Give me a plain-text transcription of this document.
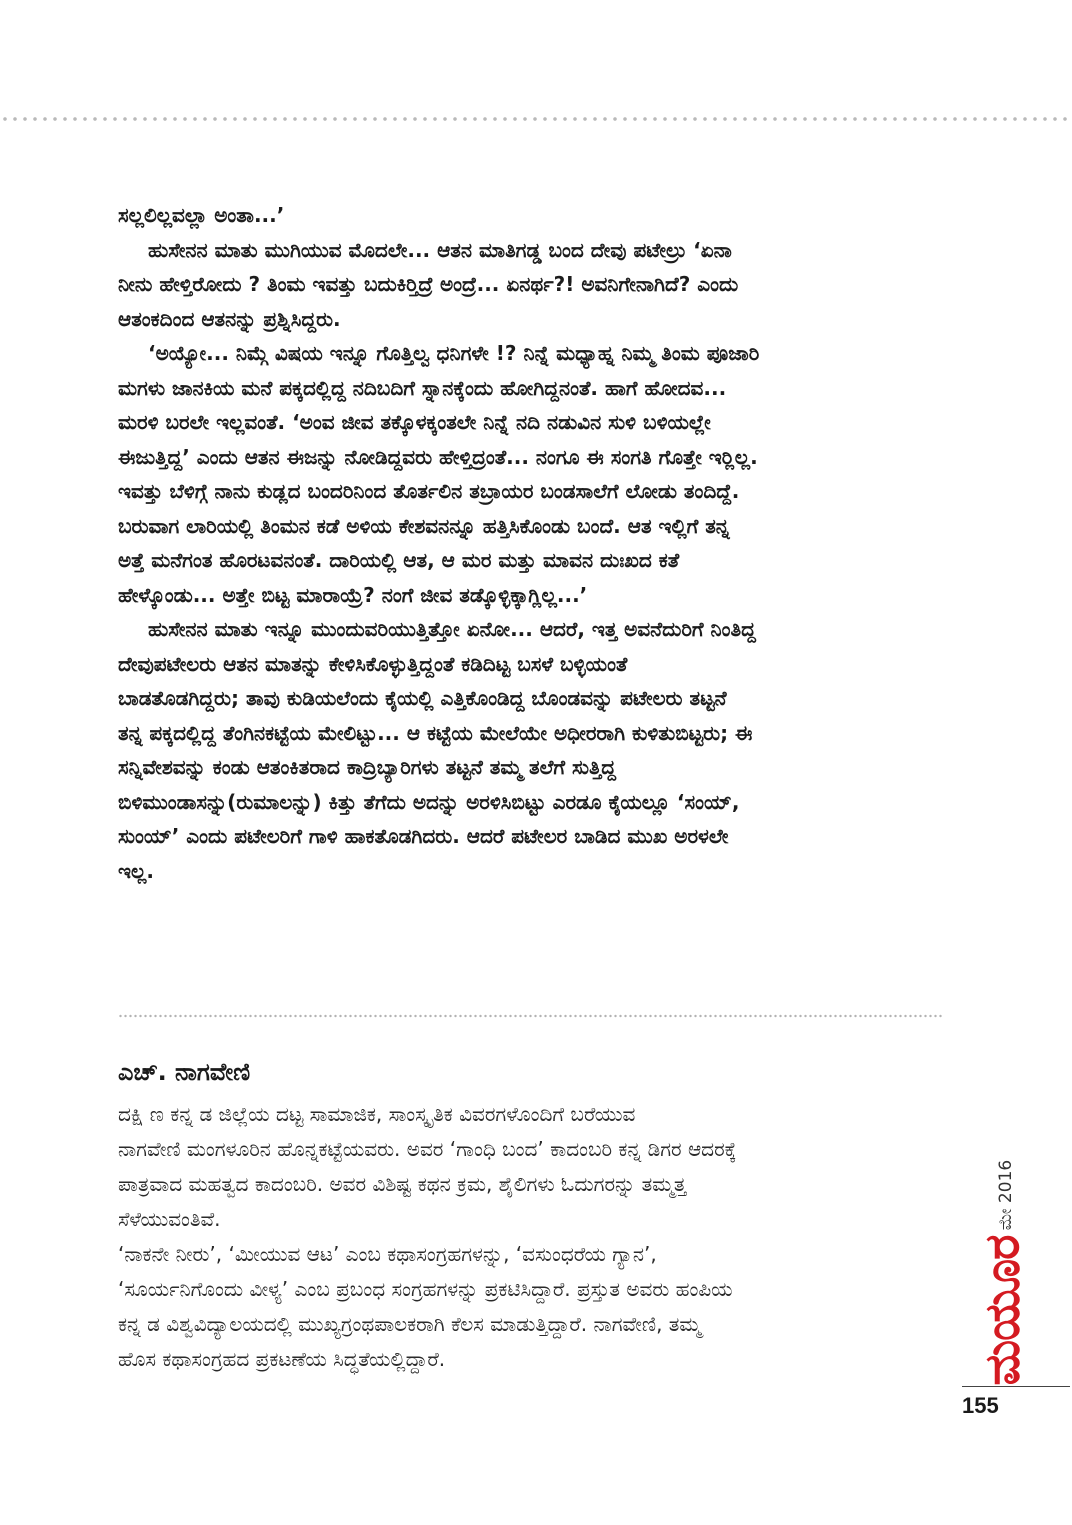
ಸಲ್ಲಲಿಲ್ಲವಲ್ಲಾ ಅಂತಾ...’

ಹುಸೇನನ ಮಾತು ಮುಗಿಯುವ ಮೊದಲೇ... ಆತನ ಮಾತಿಗಡ್ಡ ಬಂದ ದೇವು ಪಟೇಲ್ರು ‘ಏನಾ
ನೀನು ಹೇಳ್ತಿರೋದು ? ತಿಂಮ ಇವತ್ತು ಬದುಕಿರ್‍ತಿದ್ರೆ ಅಂದ್ರೆ... ಏನರ್ಥ?! ಅವನಿಗೇನಾಗಿದೆ? ಎಂದು
ಆತಂಕದಿಂದ ಆತನನ್ನು ಪ್ರಶ್ನಿಸಿದ್ದರು.

‘ಅಯ್ಯೋ... ನಿಮ್ಗೆ ವಿಷಯ ಇನ್ನೂ ಗೊತ್ತಿಲ್ವ ಧನಿಗಳೇ !? ನಿನ್ನೆ ಮಧ್ಯಾಹ್ನ ನಿಮ್ಮ ತಿಂಮ ಪೂಜಾರಿ
ಮಗಳು ಜಾನಕಿಯ ಮನೆ ಪಕ್ಕದಲ್ಲಿದ್ದ ನದಿಬದಿಗೆ ಸ್ನಾನಕ್ಕೆಂದು ಹೋಗಿದ್ದನಂತೆ. ಹಾಗೆ ಹೋದವ...
ಮರಳಿ ಬರಲೇ ಇಲ್ಲವಂತೆ. ‘ಅಂವ ಜೀವ ತಕ್ಕೊಳಕ್ಕಂತಲೇ ನಿನ್ನೆ ನದಿ ನಡುವಿನ ಸುಳಿ ಬಳಿಯಲ್ಲೇ
ಈಜುತ್ತಿದ್ದ’ ಎಂದು ಆತನ ಈಜನ್ನು ನೋಡಿದ್ದವರು ಹೇಳ್ತಿದ್ರಂತೆ... ನಂಗೂ ಈ ಸಂಗತಿ ಗೊತ್ತೇ ಇರ್‍ಲಿಲ್ಲ.
ಇವತ್ತು ಬೆಳಿಗ್ಗೆ ನಾನು ಕುಡ್ಲದ ಬಂದರಿನಿಂದ ತೊರ್ತಲಿನ ತಬ್ರಾಯರ ಬಂಡಸಾಲೆಗೆ ಲೋಡು ತಂದಿದ್ದೆ.
ಬರುವಾಗ ಲಾರಿಯಲ್ಲಿ ತಿಂಮನ ಕಡೆ ಅಳಿಯ ಕೇಶವನನ್ನೂ ಹತ್ತಿಸಿಕೊಂಡು ಬಂದೆ. ಆತ ಇಲ್ಲಿಗೆ ತನ್ನ
ಅತ್ತೆ ಮನೆಗಂತ ಹೊರಟವನಂತೆ. ದಾರಿಯಲ್ಲಿ ಆತ, ಆ ಮರ ಮತ್ತು ಮಾವನ ದುಃಖದ ಕತೆ
ಹೇಳ್ಕೊಂಡು... ಅತ್ತೇ ಬಿಟ್ಟ ಮಾರಾಯ್ರೆ? ನಂಗೆ ಜೀವ ತಡ್ಕೊಳ್ಳಿಕ್ಕಾಗ್ಲಿಲ್ಲ...’

ಹುಸೇನನ ಮಾತು ಇನ್ನೂ ಮುಂದುವರಿಯುತ್ತಿತ್ತೋ ಏನೋ... ಆದರೆ, ಇತ್ತ ಅವನೆದುರಿಗೆ ನಿಂತಿದ್ದ
ದೇವುಪಟೇಲರು ಆತನ ಮಾತನ್ನು ಕೇಳಿಸಿಕೊಳ್ಳುತ್ತಿದ್ದಂತೆ ಕಡಿದಿಟ್ಟ ಬಸಳೆ ಬಳ್ಳಿಯಂತೆ
ಬಾಡತೊಡಗಿದ್ದರು; ತಾವು ಕುಡಿಯಲೆಂದು ಕೈಯಲ್ಲಿ ಎತ್ತಿಕೊಂಡಿದ್ದ ಬೊಂಡವನ್ನು ಪಟೇಲರು ತಟ್ಟನೆ
ತನ್ನ ಪಕ್ಕದಲ್ಲಿದ್ದ ತೆಂಗಿನಕಟ್ಟೆಯ ಮೇಲಿಟ್ಟು... ಆ ಕಟ್ಟೆಯ ಮೇಲೆಯೇ ಅಧೀರರಾಗಿ ಕುಳಿತುಬಿಟ್ಟರು; ಈ
ಸನ್ನಿವೇಶವನ್ನು ಕಂಡು ಆತಂಕಿತರಾದ ಕಾದ್ರಿಬ್ಯಾರಿಗಳು ತಟ್ಟನೆ ತಮ್ಮ ತಲೆಗೆ ಸುತ್ತಿದ್ದ
ಬಿಳಿಮುಂಡಾಸನ್ನು(ರುಮಾಲನ್ನು) ಕಿತ್ತು ತೆಗೆದು ಅದನ್ನು ಅರಳಿಸಿಬಿಟ್ಟು ಎರಡೂ ಕೈಯಲ್ಲೂ ‘ಸಂಯ್,
ಸುಂಯ್’ ಎಂದು ಪಟೇಲರಿಗೆ ಗಾಳಿ ಹಾಕತೊಡಗಿದರು. ಆದರೆ ಪಟೇಲರ ಬಾಡಿದ ಮುಖ ಅರಳಲೇ
ಇಲ್ಲ.

ಎಚ್. ನಾಗವೇಣಿ

ದಕ್ಷಿ ಣ ಕನ್ನ ಡ ಜಿಲ್ಲೆಯ ದಟ್ಟ ಸಾಮಾಜಿಕ, ಸಾಂಸ್ಕೃತಿಕ ವಿವರಗಳೊಂದಿಗೆ ಬರೆಯುವ
ನಾಗವೇಣಿ ಮಂಗಳೂರಿನ ಹೊನ್ನಕಟ್ಟೆಯವರು. ಅವರ ‘ಗಾಂಧಿ ಬಂದ’ ಕಾದಂಬರಿ ಕನ್ನ ಡಿಗರ ಆದರಕ್ಕೆ
ಪಾತ್ರವಾದ ಮಹತ್ವದ ಕಾದಂಬರಿ. ಅವರ ವಿಶಿಷ್ಟ ಕಥನ ಕ್ರಮ, ಶೈಲಿಗಳು ಓದುಗರನ್ನು ತಮ್ಮತ್ತ
ಸೆಳೆಯುವಂತಿವೆ.

‘ನಾಕನೇ ನೀರು’, ‘ಮೀಯುವ ಆಟ’ ಎಂಬ ಕಥಾಸಂಗ್ರಹಗಳನ್ನು, ‘ವಸುಂಧರೆಯ ಗ್ಯಾನ’,
‘ಸೂರ್ಯನಿಗೊಂದು ವೀಳ್ಯ’ ಎಂಬ ಪ್ರಬಂಧ ಸಂಗ್ರಹಗಳನ್ನು ಪ್ರಕಟಿಸಿದ್ದಾರೆ. ಪ್ರಸ್ತುತ ಅವರು ಹಂಪಿಯ
ಕನ್ನ ಡ ವಿಶ್ವವಿದ್ಯಾಲಯದಲ್ಲಿ ಮುಖ್ಯಗ್ರಂಥಪಾಲಕರಾಗಿ ಕೆಲಸ ಮಾಡುತ್ತಿದ್ದಾರೆ. ನಾಗವೇಣಿ, ತಮ್ಮ
ಹೊಸ ಕಥಾಸಂಗ್ರಹದ ಪ್ರಕಟಣೆಯ ಸಿದ್ಧತೆಯಲ್ಲಿದ್ದಾರೆ.

ಮೇ 2016
ಮಯೂರ
155
